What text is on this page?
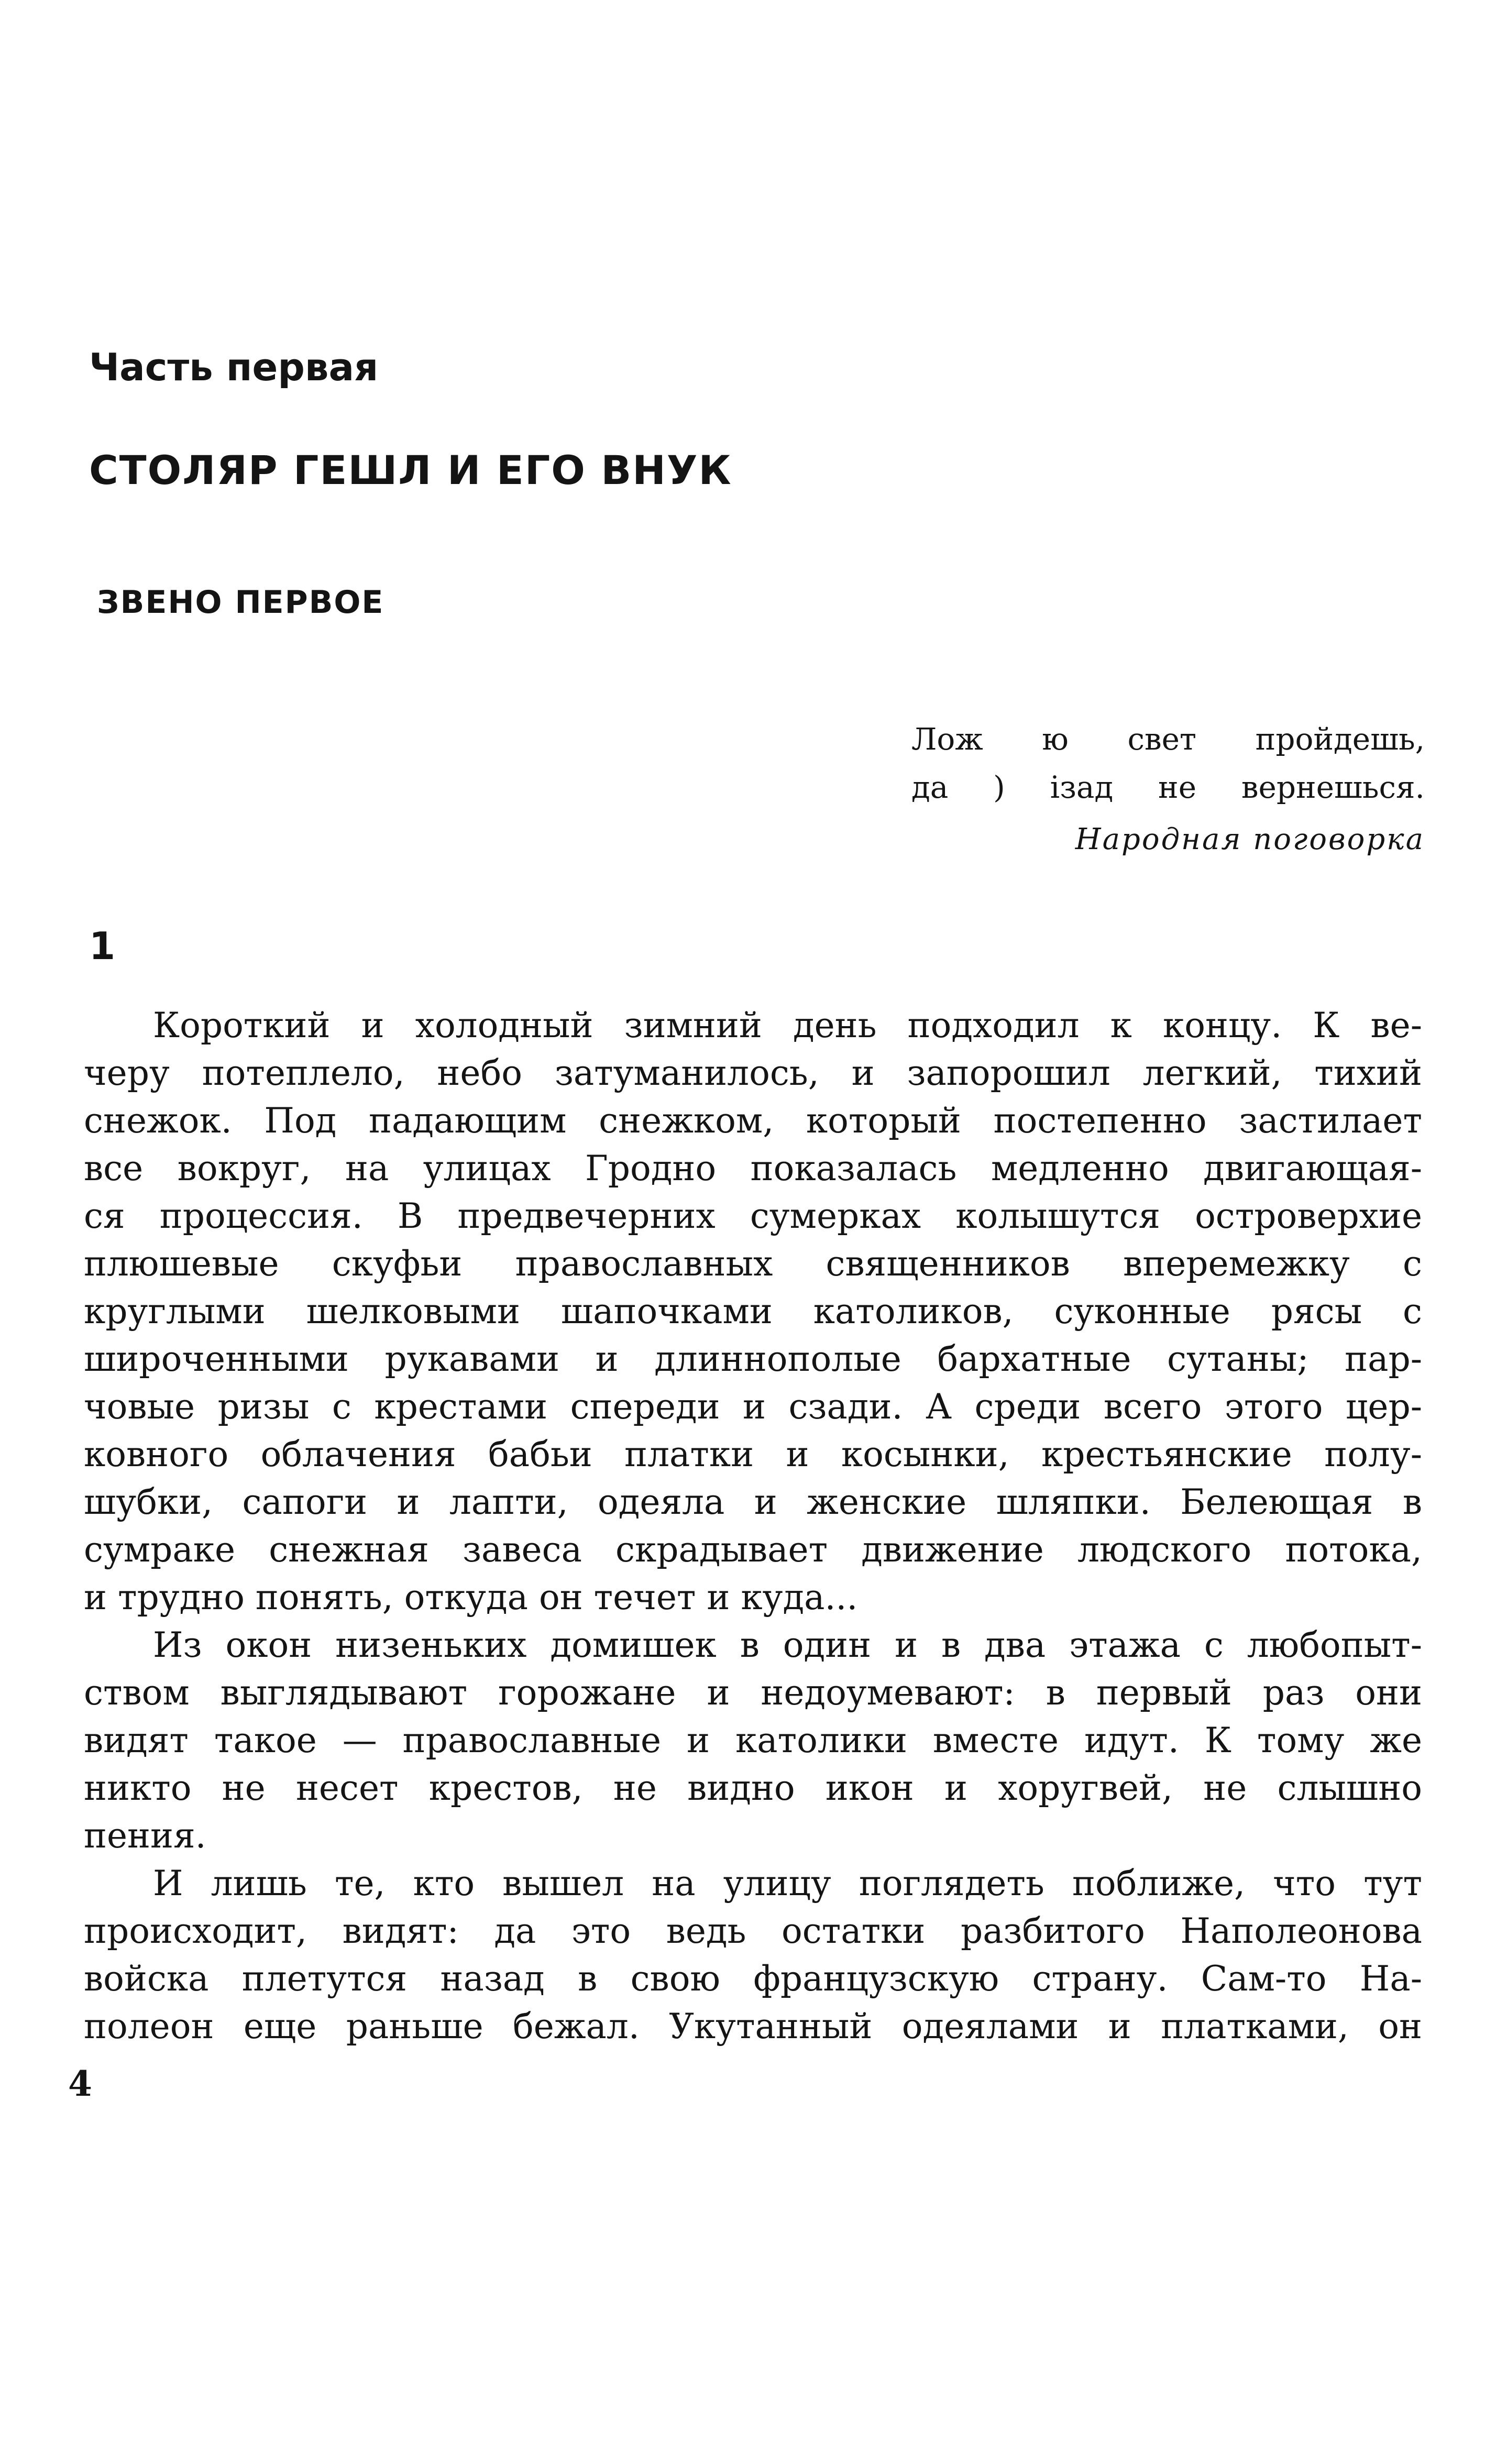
Часть первая
СТОЛЯР ГЕШЛ И ЕГО ВНУК
ЗВЕНО ПЕРВОЕ
Лож ю свет пройдешь,
да ) ізад не вернешься.
Народная поговорка
1
Короткий и холодный зимний день подходил к концу. К ве-
черу потеплело, небо затуманилось, и запорошил легкий, тихий
снежок. Под падающим снежком, который постепенно застилает
все вокруг, на улицах Гродно показалась медленно двигающая-
ся процессия. В предвечерних сумерках колышутся островерхие
плюшевые скуфьи православных священников вперемежку с
круглыми шелковыми шапочками католиков, суконные рясы с
широченными рукавами и длиннополые бархатные сутаны; пар-
човые ризы с крестами спереди и сзади. А среди всего этого цер-
ковного облачения бабьи платки и косынки, крестьянские полу-
шубки, сапоги и лапти, одеяла и женские шляпки. Белеющая в
сумраке снежная завеса скрадывает движение людского потока,
и трудно понять, откуда он течет и куда...
Из окон низеньких домишек в один и в два этажа с любопыт-
ством выглядывают горожане и недоумевают: в первый раз они
видят такое — православные и католики вместе идут. К тому же
никто не несет крестов, не видно икон и хоругвей, не слышно
пения.
И лишь те, кто вышел на улицу поглядеть поближе, что тут
происходит, видят: да это ведь остатки разбитого Наполеонова
войска плетутся назад в свою французскую страну. Сам-то На-
полеон еще раньше бежал. Укутанный одеялами и платками, он
4
